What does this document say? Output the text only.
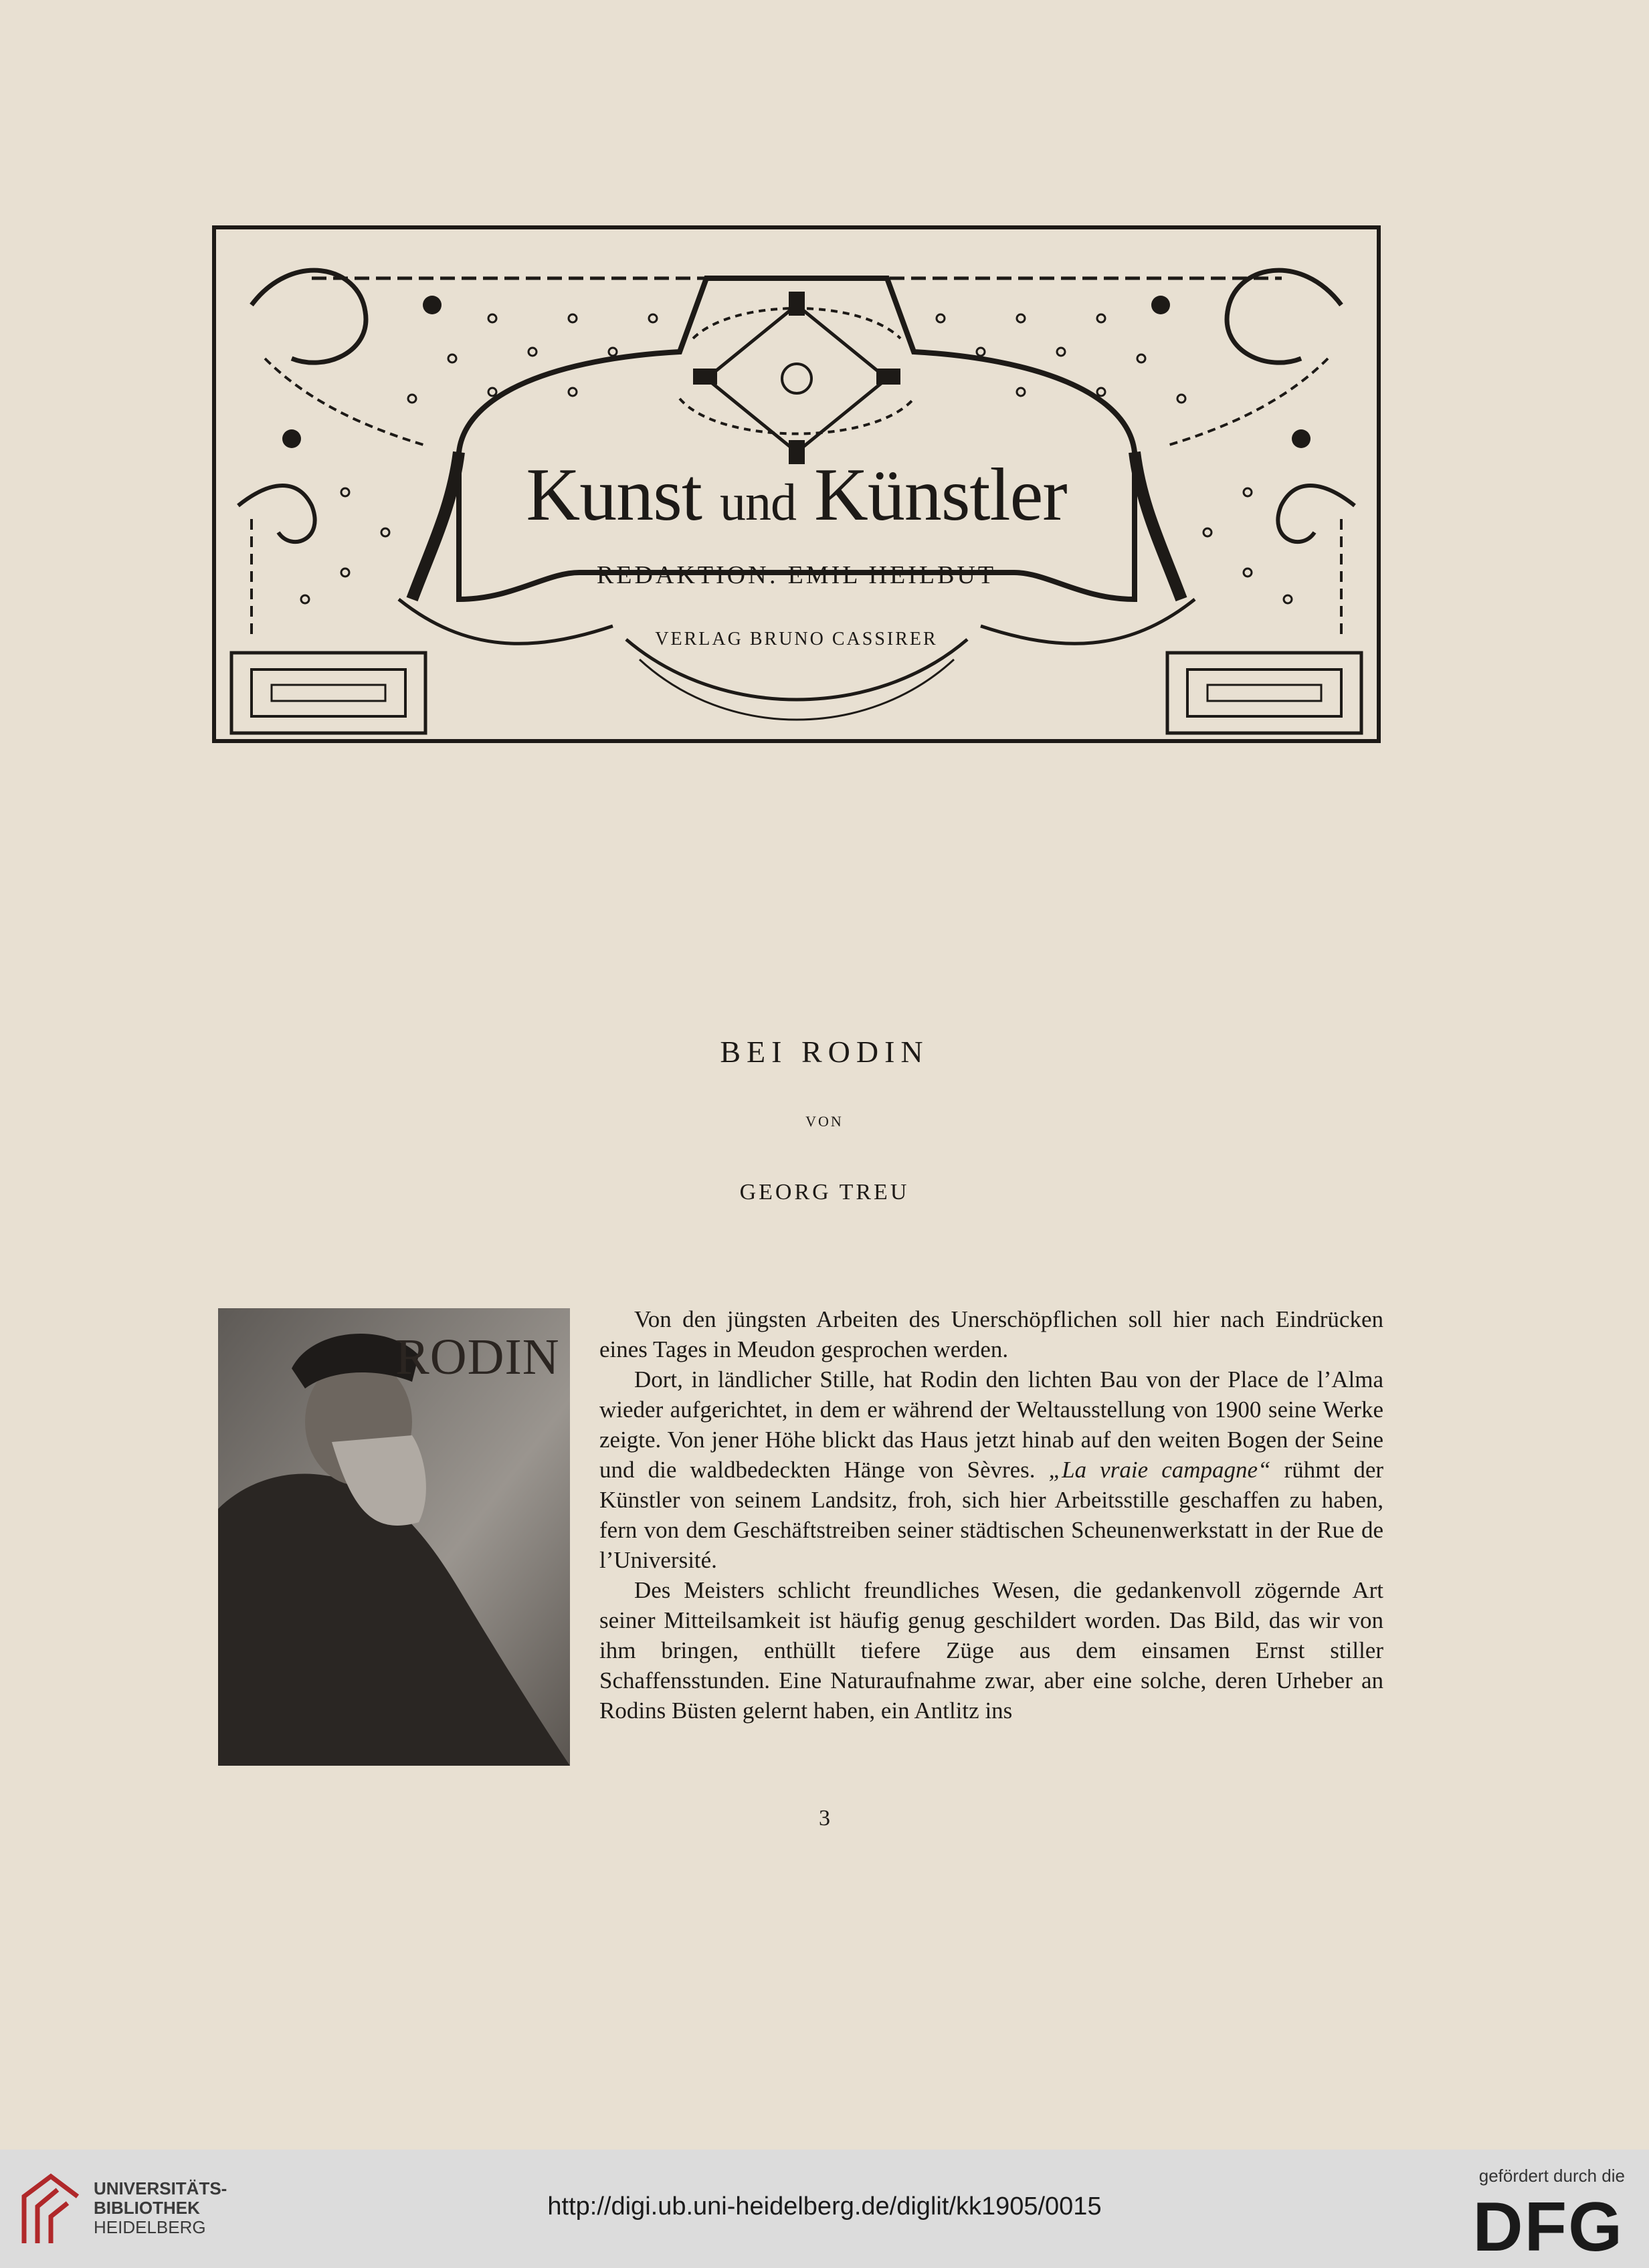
Kunst und Künstler
REDAKTION: EMIL HEILBUT
VERLAG BRUNO CASSIRER
BEI RODIN
VON
GEORG TREU
RODIN

Von den jüngsten Arbeiten des Unerschöpflichen soll hier nach Eindrücken eines Tages in Meudon gesprochen werden.

Dort, in ländlicher Stille, hat Rodin den lichten Bau von der Place de l’Alma wieder aufgerichtet, in dem er während der Weltausstellung von 1900 seine Werke zeigte. Von jener Höhe blickt das Haus jetzt hinab auf den weiten Bogen der Seine und die waldbedeckten Hänge von Sèvres. „La vraie campagne“ rühmt der Künstler von seinem Landsitz, froh, sich hier Arbeitsstille geschaffen zu haben, fern von dem Geschäftstreiben seiner städtischen Scheunenwerkstatt in der Rue de l’Université.

Des Meisters schlicht freundliches Wesen, die gedankenvoll zögernde Art seiner Mitteilsamkeit ist häufig genug geschildert worden. Das Bild, das wir von ihm bringen, enthüllt tiefere Züge aus dem einsamen Ernst stiller Schaffensstunden. Eine Naturaufnahme zwar, aber eine solche, deren Urheber an Rodins Büsten gelernt haben, ein Antlitz ins

3
UNIVERSITÄTS-
BIBLIOTHEK
HEIDELBERG
http://digi.ub.uni-heidelberg.de/diglit/kk1905/0015
gefördert durch die
DFG
